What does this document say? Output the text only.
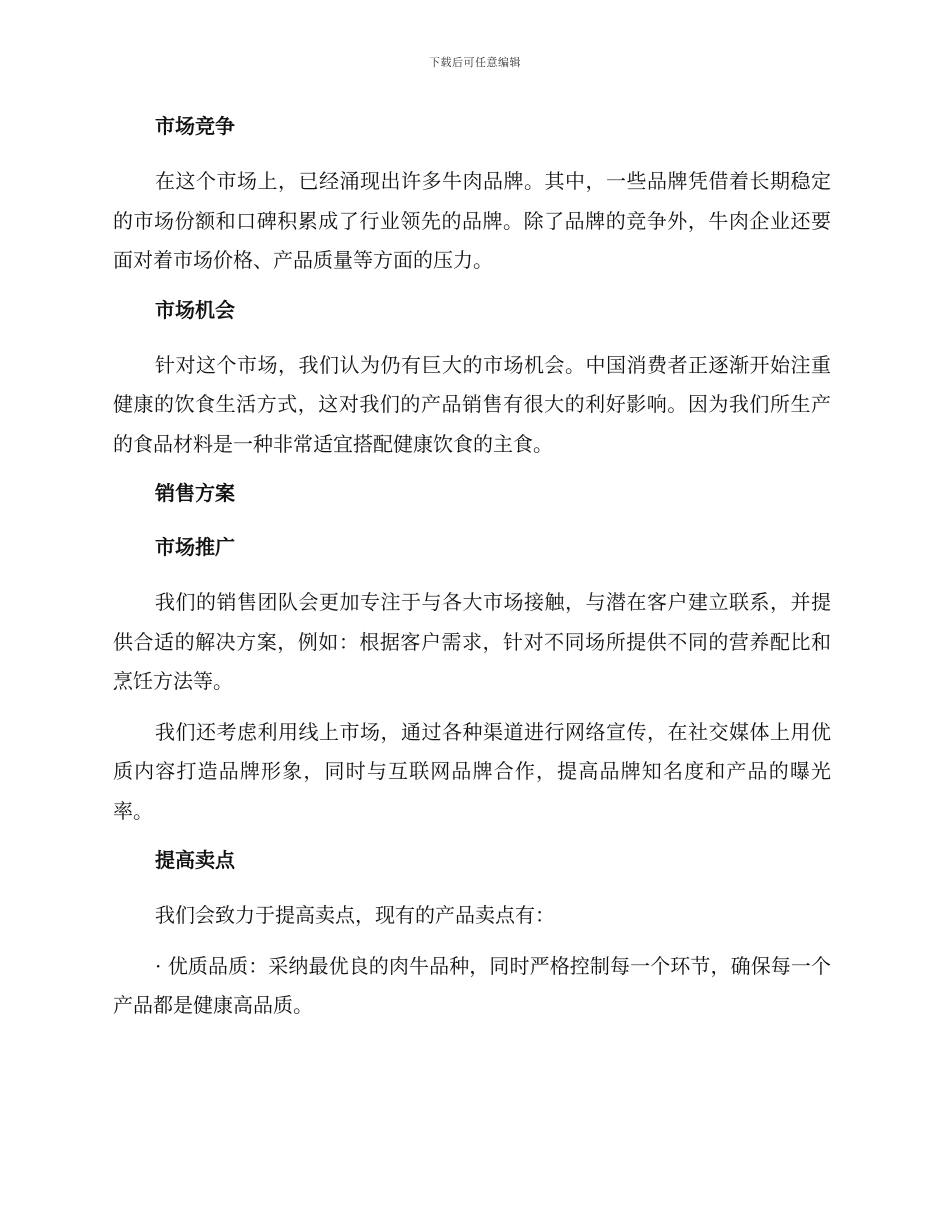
下载后可任意编辑
市场竞争

在这个市场上，已经涌现出许多牛肉品牌。其中，一些品牌凭借着长期稳定的市场份额和口碑积累成了行业领先的品牌。除了品牌的竞争外，牛肉企业还要面对着市场价格、产品质量等方面的压力。

市场机会

针对这个市场，我们认为仍有巨大的市场机会。中国消费者正逐渐开始注重健康的饮食生活方式，这对我们的产品销售有很大的利好影响。因为我们所生产的食品材料是一种非常适宜搭配健康饮食的主食。

销售方案
市场推广

我们的销售团队会更加专注于与各大市场接触，与潜在客户建立联系，并提供合适的解决方案，例如：根据客户需求，针对不同场所提供不同的营养配比和烹饪方法等。

我们还考虑利用线上市场，通过各种渠道进行网络宣传，在社交媒体上用优质内容打造品牌形象，同时与互联网品牌合作，提高品牌知名度和产品的曝光率。

提高卖点

我们会致力于提高卖点，现有的产品卖点有：

· 优质品质：采纳最优良的肉牛品种，同时严格控制每一个环节，确保每一个产品都是健康高品质。
